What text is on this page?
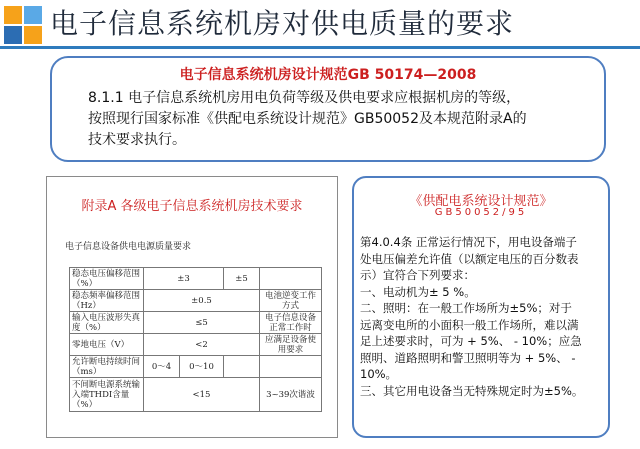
电子信息系统机房对供电质量的要求
电子信息系统机房设计规范GB 50174—2008
8.1.1 电子信息系统机房用电负荷等级及供电要求应根据机房的等级，
按照现行国家标准《供配电系统设计规范》GB50052及本规范附录A的
技术要求执行。
附录A 各级电子信息系统机房技术要求
电子信息设备供电电源质量要求
稳态电压偏移范围（%）	±3		±5	
稳态频率偏移范围（Hz）	±0.5			电池逆变工作方式
输入电压波形失真度（%）	≤5			电子信息设备正常工作时
零地电压（V）	<2			应满足设备使用要求
允许断电持续时间（ms）	0～4	0～10		
不间断电源系统输入端THDI含量（%）	<15			3~39次谐波
《供配电系统设计规范》
GB50052/95
第4.0.4条 正常运行情况下，用电设备端子
处电压偏差允许值（以额定电压的百分数表
示）宜符合下列要求：
一、电动机为± 5 %。
二、照明：在一般工作场所为±5%；对于
远离变电所的小面积一般工作场所，难以满
足上述要求时，可为 + 5%、 - 10%；应急
照明、道路照明和警卫照明等为 + 5%、 -
10%。
三、其它用电设备当无特殊规定时为±5%。
